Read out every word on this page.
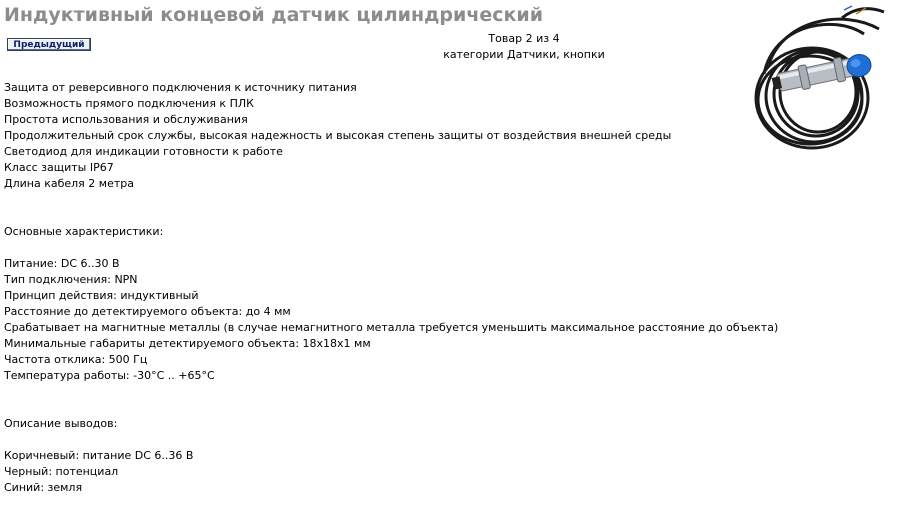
Индуктивный концевой датчик цилиндрический
Предыдущий	Товар 2 из 4
категории Датчики, кнопки
Защита от реверсивного подключения к источнику питания
Возможность прямого подключения к ПЛК
Простота использования и обслуживания
Продолжительный срок службы, высокая надежность и высокая степень защиты от воздействия внешней среды
Светодиод для индикации готовности к работе
Класс защиты IP67
Длина кабеля 2 метра
Основные характеристики:
Питание: DC 6..30 В
Тип подключения: NPN
Принцип действия: индуктивный
Расстояние до детектируемого объекта: до 4 мм
Срабатывает на магнитные металлы (в случае немагнитного металла требуется уменьшить максимальное расстояние до объекта)
Минимальные габариты детектируемого объекта: 18x18x1 мм
Частота отклика: 500 Гц
Температура работы: -30°C .. +65°C
Описание выводов:
Коричневый: питание DC 6..36 В
Черный: потенциал
Синий: земля
